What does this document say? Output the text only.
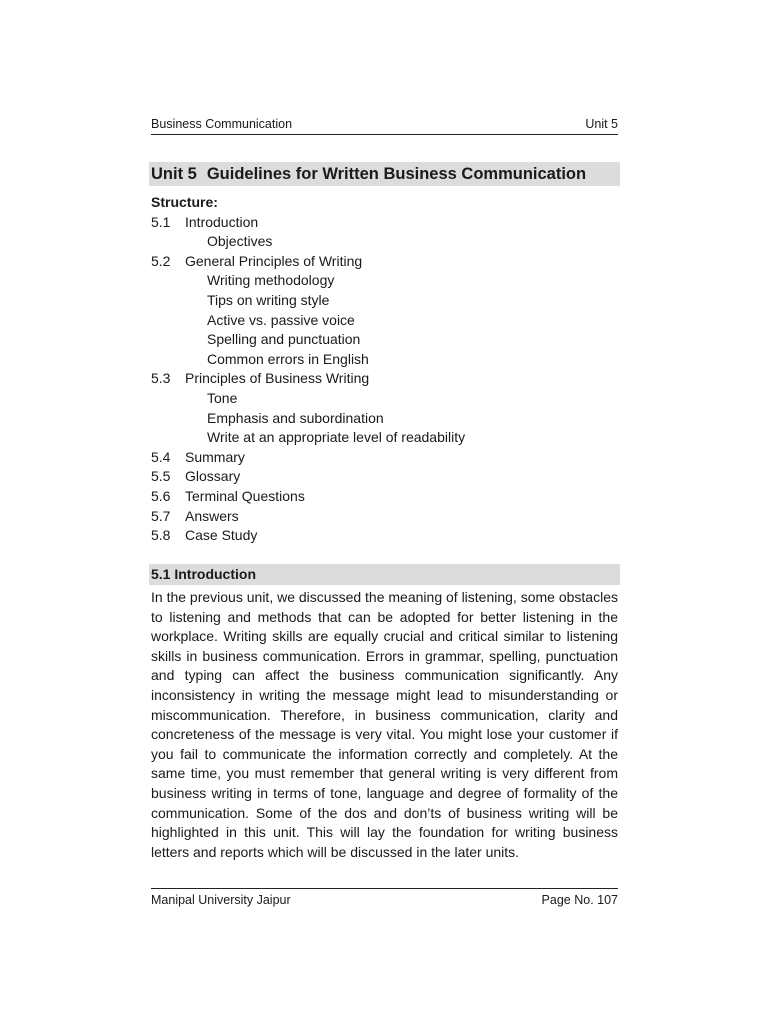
Business Communication	Unit 5
Unit 5 Guidelines for Written Business Communication
Structure:
5.1 Introduction
Objectives
5.2 General Principles of Writing
Writing methodology
Tips on writing style
Active vs. passive voice
Spelling and punctuation
Common errors in English
5.3 Principles of Business Writing
Tone
Emphasis and subordination
Write at an appropriate level of readability
5.4 Summary
5.5 Glossary
5.6 Terminal Questions
5.7 Answers
5.8 Case Study
5.1 Introduction
In the previous unit, we discussed the meaning of listening, some obstacles to listening and methods that can be adopted for better listening in the workplace. Writing skills are equally crucial and critical similar to listening skills in business communication. Errors in grammar, spelling, punctuation and typing can affect the business communication significantly. Any inconsistency in writing the message might lead to misunderstanding or miscommunication. Therefore, in business communication, clarity and concreteness of the message is very vital. You might lose your customer if you fail to communicate the information correctly and completely. At the same time, you must remember that general writing is very different from business writing in terms of tone, language and degree of formality of the communication. Some of the dos and don’ts of business writing will be highlighted in this unit. This will lay the foundation for writing business letters and reports which will be discussed in the later units.
Manipal University Jaipur	Page No. 107
